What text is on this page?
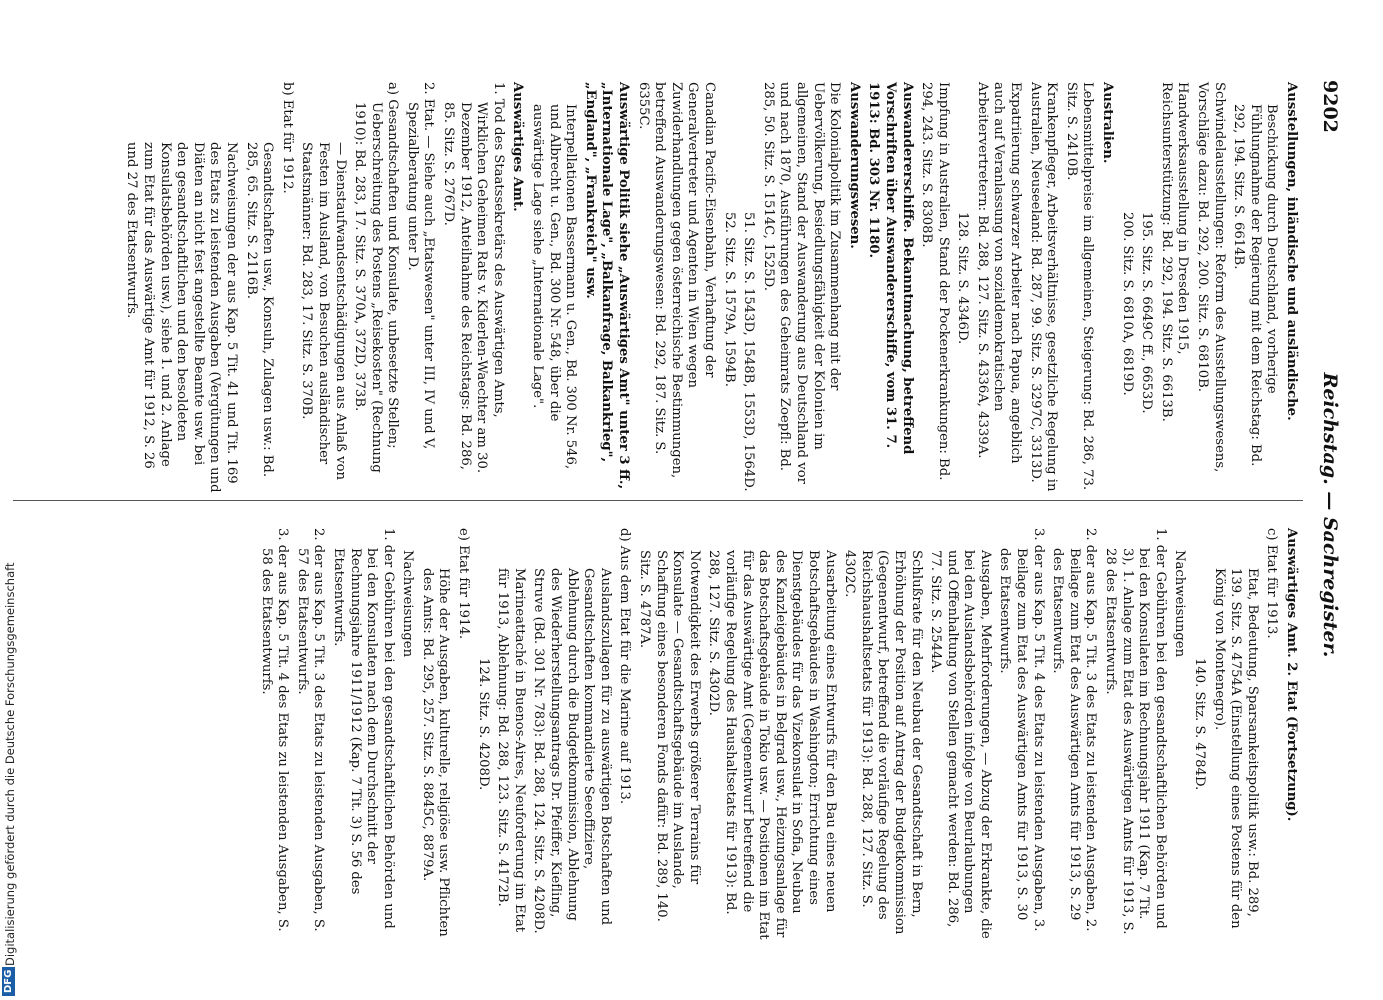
9202
Reichstag. — Sachregister.
Ausstellungen, inländische und ausländische.
Beschickung durch Deutschland, vorherige Fühlungnahme der Regierung mit dem Reichstag: Bd. 292, 194. Sitz. S. 6614B.
Schwindelausstellungen: Reform des Ausstellungswesens, Vorschläge dazu: Bd. 292, 200. Sitz. S. 6810B.
Handwerksausstellung in Dresden 1915, Reichsunterstützung: Bd. 292, 194. Sitz. S. 6613B.
195. Sitz. S. 6649C ff., 6653D.
200. Sitz. S. 6810A, 6819D.
Australien.
Lebensmittelpreise im allgemeinen, Steigerung: Bd. 286, 73. Sitz. S. 2410B.
Krankenpfleger, Arbeitsverhältnisse, gesetzliche Regelung in Australien, Neuseeland: Bd. 287, 99. Sitz. S. 3297C, 3313D.
Expatriierung schwarzer Arbeiter nach Papua, angeblich auch auf Veranlassung von sozialdemokratischen Arbeitervertretern: Bd. 288, 127. Sitz. S. 4336A, 4339A.
128. Sitz. S. 4346D.
Impfung in Australien, Stand der Pockenerkrankungen: Bd. 294, 243. Sitz. S. 8308B.
Auswandererschiffe. Bekanntmachung, betreffend Vorschriften über Auswandererschiffe, vom 31. 7. 1913: Bd. 303 Nr. 1180.
Auswanderungswesen.
Die Kolonialpolitik im Zusammenhang mit der Uebervölkerung, Besiedlungsfähigkeit der Kolonien im allgemeinen, Stand der Auswanderung aus Deutschland vor und nach 1870, Ausführungen des Geheimrats Zoepfl: Bd. 285, 50. Sitz. S. 1514C, 1525D.
51. Sitz. S. 1543D, 1548B, 1553D, 1564D.
52. Sitz. S. 1579A, 1594B.
Canadian Pacific-Eisenbahn, Verhaftung der Generalvertreter und Agenten in Wien wegen Zuwiderhandlungen gegen österreichische Bestimmungen, betreffend Auswanderungswesen: Bd. 292, 187. Sitz. S. 6355C.
Auswärtige Politik siehe „Auswärtiges Amt" unter 3 ff., „Internationale Lage", „Balkanfrage, Balkankrieg", „England", „Frankreich" usw.
Interpellationen Bassermann u. Gen., Bd. 300 Nr. 546, und Albrecht u. Gen., Bd. 300 Nr. 548, über die auswärtige Lage siehe „Internationale Lage".
Auswärtiges Amt.
1. Tod des Staatssekretärs des Auswärtigen Amts, Wirklichen Geheimen Rats v. Kiderlen-Waechter am 30. Dezember 1912, Anteilnahme des Reichstags: Bd. 286, 85. Sitz. S. 2767D.
2. Etat. — Siehe auch „Etatswesen" unter III, IV und V, Spezialberatung unter D.
a) Gesandtschaften und Konsulate, unbesetzte Stellen; Ueberschreitung des Postens „Reisekosten" (Rechnung 1910): Bd. 283, 17. Sitz. S. 370A, 372D, 373B.
— Dienstaufwandsentschädigungen aus Anlaß von Festen im Ausland, von Besuchen ausländischer Staatsmänner: Bd. 283, 17. Sitz. S. 370B.
b) Etat für 1912.
Gesandtschaften usw., Konsuln, Zulagen usw.: Bd. 285, 65. Sitz. S. 2116B.
Nachweisungen der aus Kap. 5 Tit. 41 und Tit. 169 des Etats zu leistenden Ausgaben (Vergütungen und Diäten an nicht fest angestellte Beamte usw. bei den gesandtschaftlichen und den besoldeten Konsulatsbehörden usw.), siehe 1. und 2. Anlage zum Etat für das Auswärtige Amt für 1912, S. 26 und 27 des Etatsentwurfs.
Auswärtiges Amt. 2. Etat (Fortsetzung).
c) Etat für 1913.
Etat, Bedeutung, Sparsamkeitspolitik usw.: Bd. 289, 139. Sitz. S. 4754A (Einstellung eines Postens für den König von Montenegro).
140. Sitz. S. 4784D.
Nachweisungen
1. der Gebühren bei den gesandtschaftlichen Behörden und bei den Konsulaten im Rechnungsjahr 1911 (Kap. 7 Tit. 3), 1. Anlage zum Etat des Auswärtigen Amts für 1913, S. 28 des Etatsentwurfs.
2. der aus Kap. 5 Tit. 3 des Etats zu leistenden Ausgaben, 2. Beilage zum Etat des Auswärtigen Amts für 1913, S. 29 des Etatsentwurfs.
3. der aus Kap. 5 Tit. 4 des Etats zu leistenden Ausgaben, 3. Beilage zum Etat des Auswärtigen Amts für 1913, S. 30 des Etatsentwurfs.
Ausgaben, Mehrforderungen, — Abzug der Erkrankte, die bei den Auslandsbehörden infolge von Beurlaubungen und Offenhaltung von Stellen gemacht werden: Bd. 286, 77. Sitz. S. 2544A.
Schlußrate für den Neubau der Gesandtschaft in Bern, Erhöhung der Position auf Antrag der Budgetkommission (Gegenentwurf, betreffend die vorläufige Regelung des Reichshaushaltsetats für 1913): Bd. 288, 127. Sitz. S. 4302C.
Ausarbeitung eines Entwurfs für den Bau eines neuen Botschaftsgebäudes in Washington; Errichtung eines Dienstgebäudes für das Vizekonsulat in Sofia, Neubau des Kanzleigebäudes in Belgrad usw., Heizungsanlage für das Botschaftsgebäude in Tokio usw. — Positionen im Etat für das Auswärtige Amt (Gegenentwurf betreffend die vorläufige Regelung des Haushaltsetats für 1913): Bd. 288, 127. Sitz. S. 4302D.
Notwendigkeit des Erwerbs größerer Terrains für Konsulate — Gesandtschaftsgebäude im Auslande, Schaffung eines besonderen Fonds dafür: Bd. 289, 140. Sitz. S. 4787A.
d) Aus dem Etat für die Marine auf 1913.
Auslandszulagen für zu auswärtigen Botschaften und Gesandtschaften kommandierte Seeoffiziere, Ablehnung durch die Budgetkommission, Ablehnung des Wiederherstellungsantrags Dr. Pfeiffer, Kiefling, Struve (Bd. 301 Nr. 783): Bd. 288, 124. Sitz. S. 4208D.
Marineattaché in Buenos-Aires, Neuforderung im Etat für 1913, Ablehnung: Bd. 288, 123. Sitz. S. 4172B.
124. Sitz. S. 4208D.
e) Etat für 1914.
Höhe der Ausgaben, kulturelle, religiöse usw. Pflichten des Amts: Bd. 295, 257. Sitz. S. 8845C, 8879A.
Nachweisungen
1. der Gebühren bei den gesandtschaftlichen Behörden und bei den Konsulaten nach dem Durchschnitt der Rechnungsjahre 1911/1912 (Kap. 7 Tit. 3) S. 56 des Etatsentwurfs.
2. der aus Kap. 5 Tit. 3 des Etats zu leistenden Ausgaben, S. 57 des Etatsentwurfs.
3. der aus Kap. 5 Tit. 4 des Etats zu leistenden Ausgaben, S. 58 des Etatsentwurfs.
DFG
Digitalisierung gefördert durch die Deutsche Forschungsgemeinschaft
